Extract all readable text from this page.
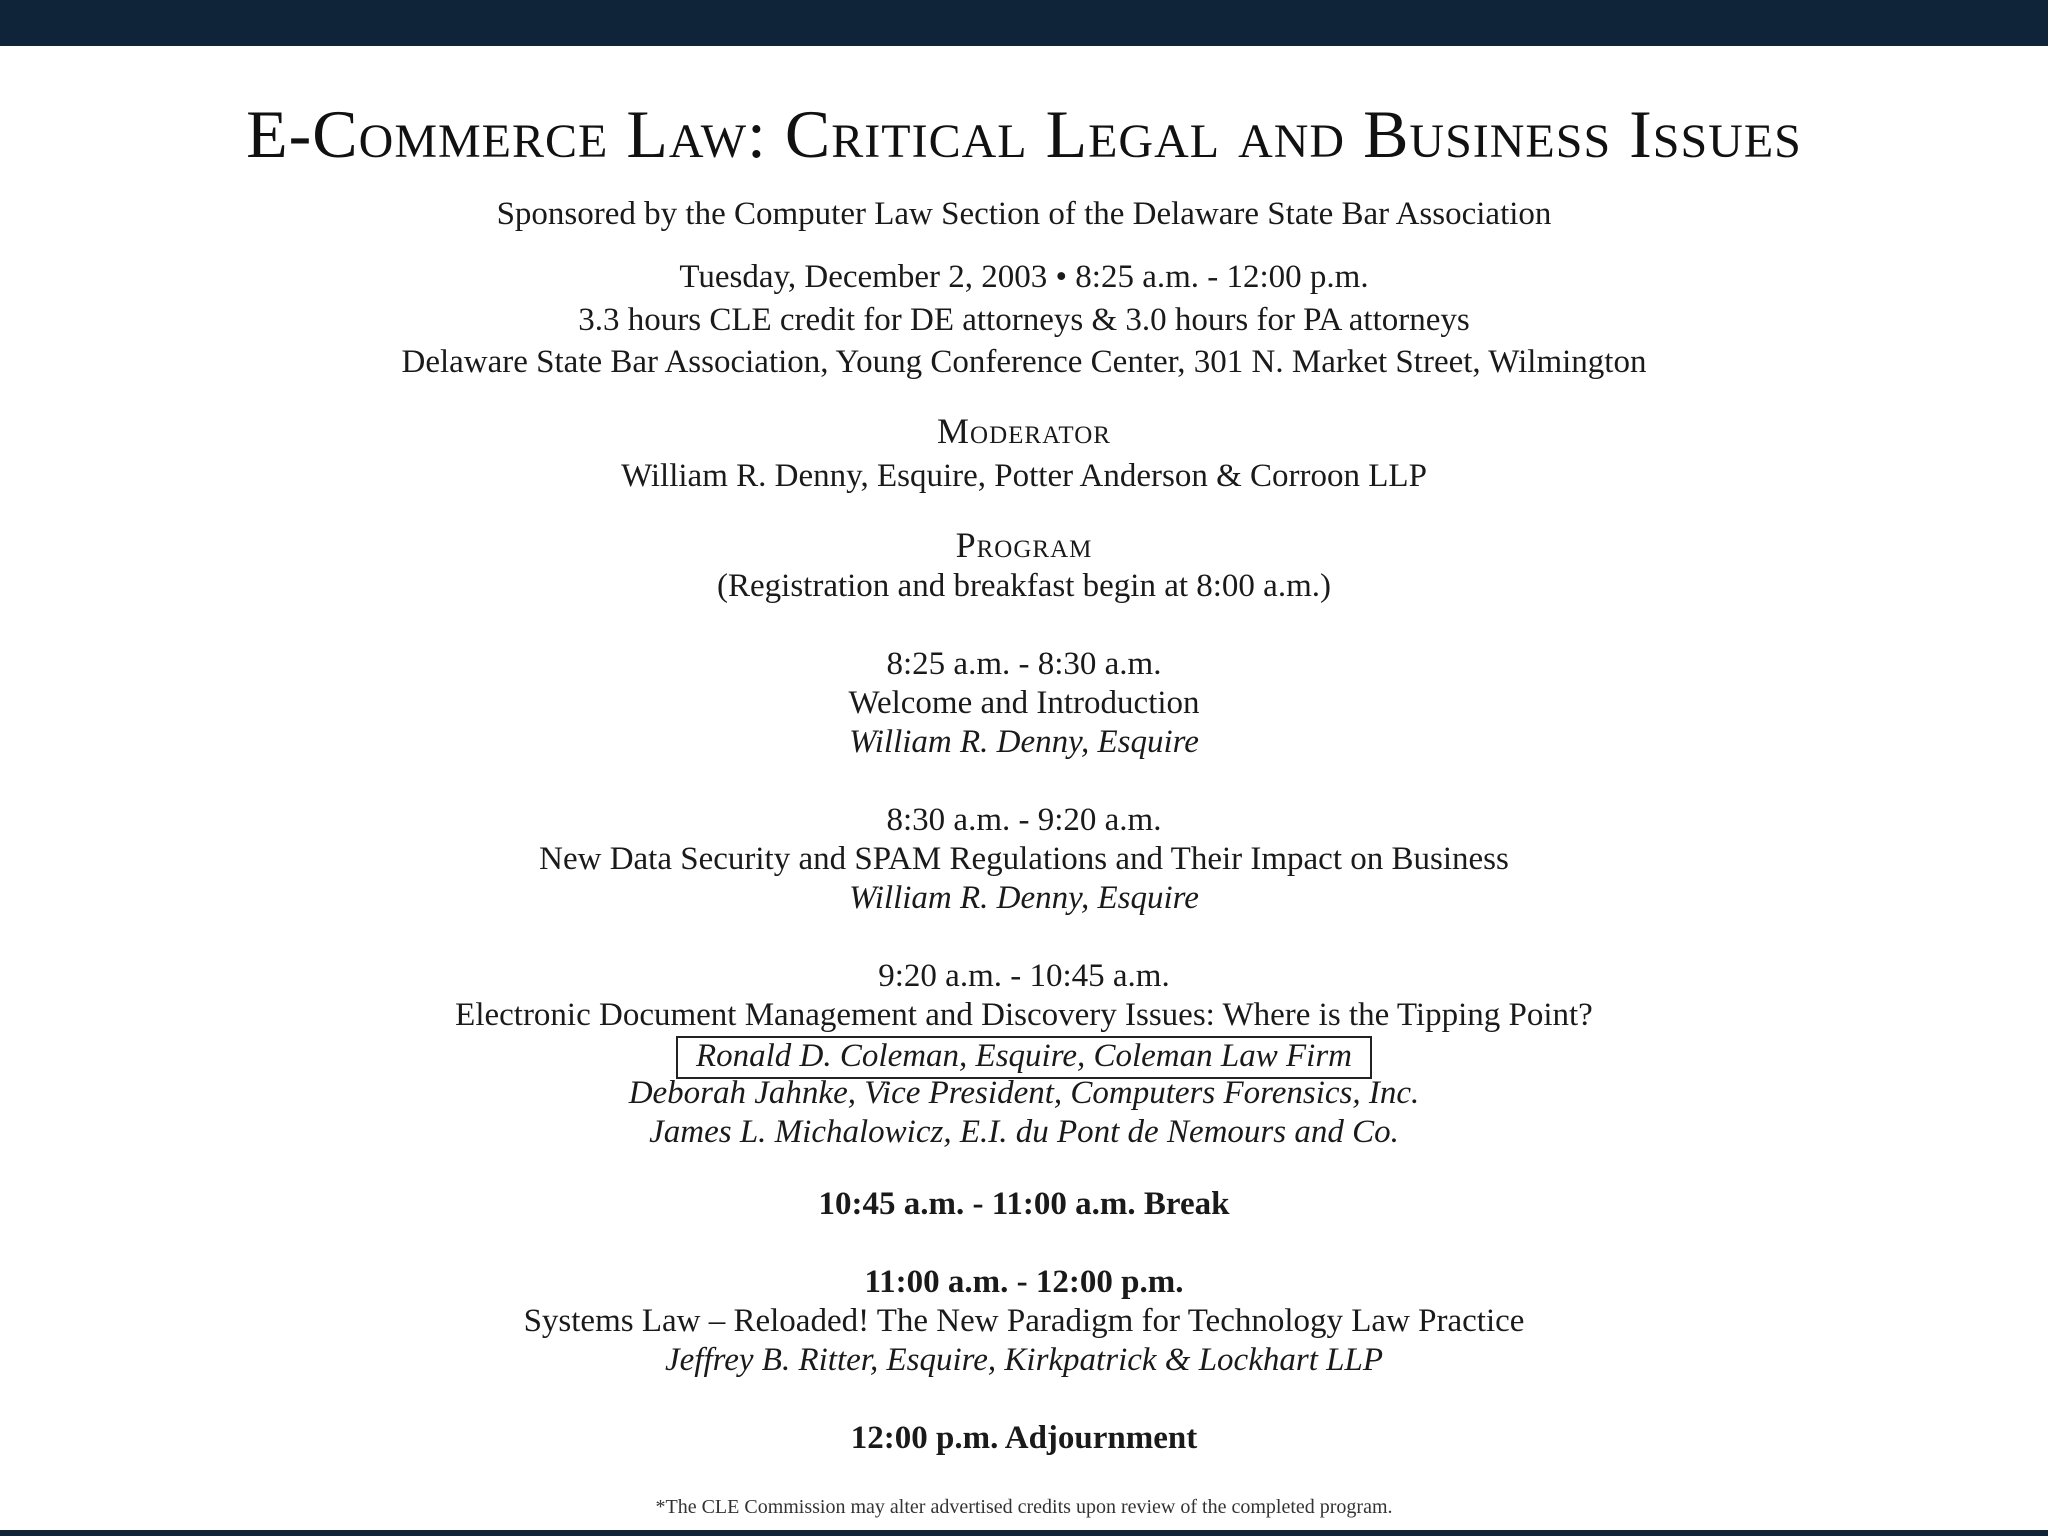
E-Commerce Law: Critical Legal and Business Issues
Sponsored by the Computer Law Section of the Delaware State Bar Association
Tuesday, December 2, 2003 • 8:25 a.m. - 12:00 p.m.
3.3 hours CLE credit for DE attorneys & 3.0 hours for PA attorneys
Delaware State Bar Association, Young Conference Center, 301 N. Market Street, Wilmington
Moderator
William R. Denny, Esquire, Potter Anderson & Corroon LLP
Program
(Registration and breakfast begin at 8:00 a.m.)
8:25 a.m. - 8:30 a.m.
Welcome and Introduction
William R. Denny, Esquire
8:30 a.m. - 9:20 a.m.
New Data Security and SPAM Regulations and Their Impact on Business
William R. Denny, Esquire
9:20 a.m. - 10:45 a.m.
Electronic Document Management and Discovery Issues: Where is the Tipping Point?
Ronald D. Coleman, Esquire, Coleman Law Firm
Deborah Jahnke, Vice President, Computers Forensics, Inc.
James L. Michalowicz, E.I. du Pont de Nemours and Co.
10:45 a.m. - 11:00 a.m. Break
11:00 a.m. - 12:00 p.m.
Systems Law – Reloaded! The New Paradigm for Technology Law Practice
Jeffrey B. Ritter, Esquire, Kirkpatrick & Lockhart LLP
12:00 p.m. Adjournment
*The CLE Commission may alter advertised credits upon review of the completed program.
